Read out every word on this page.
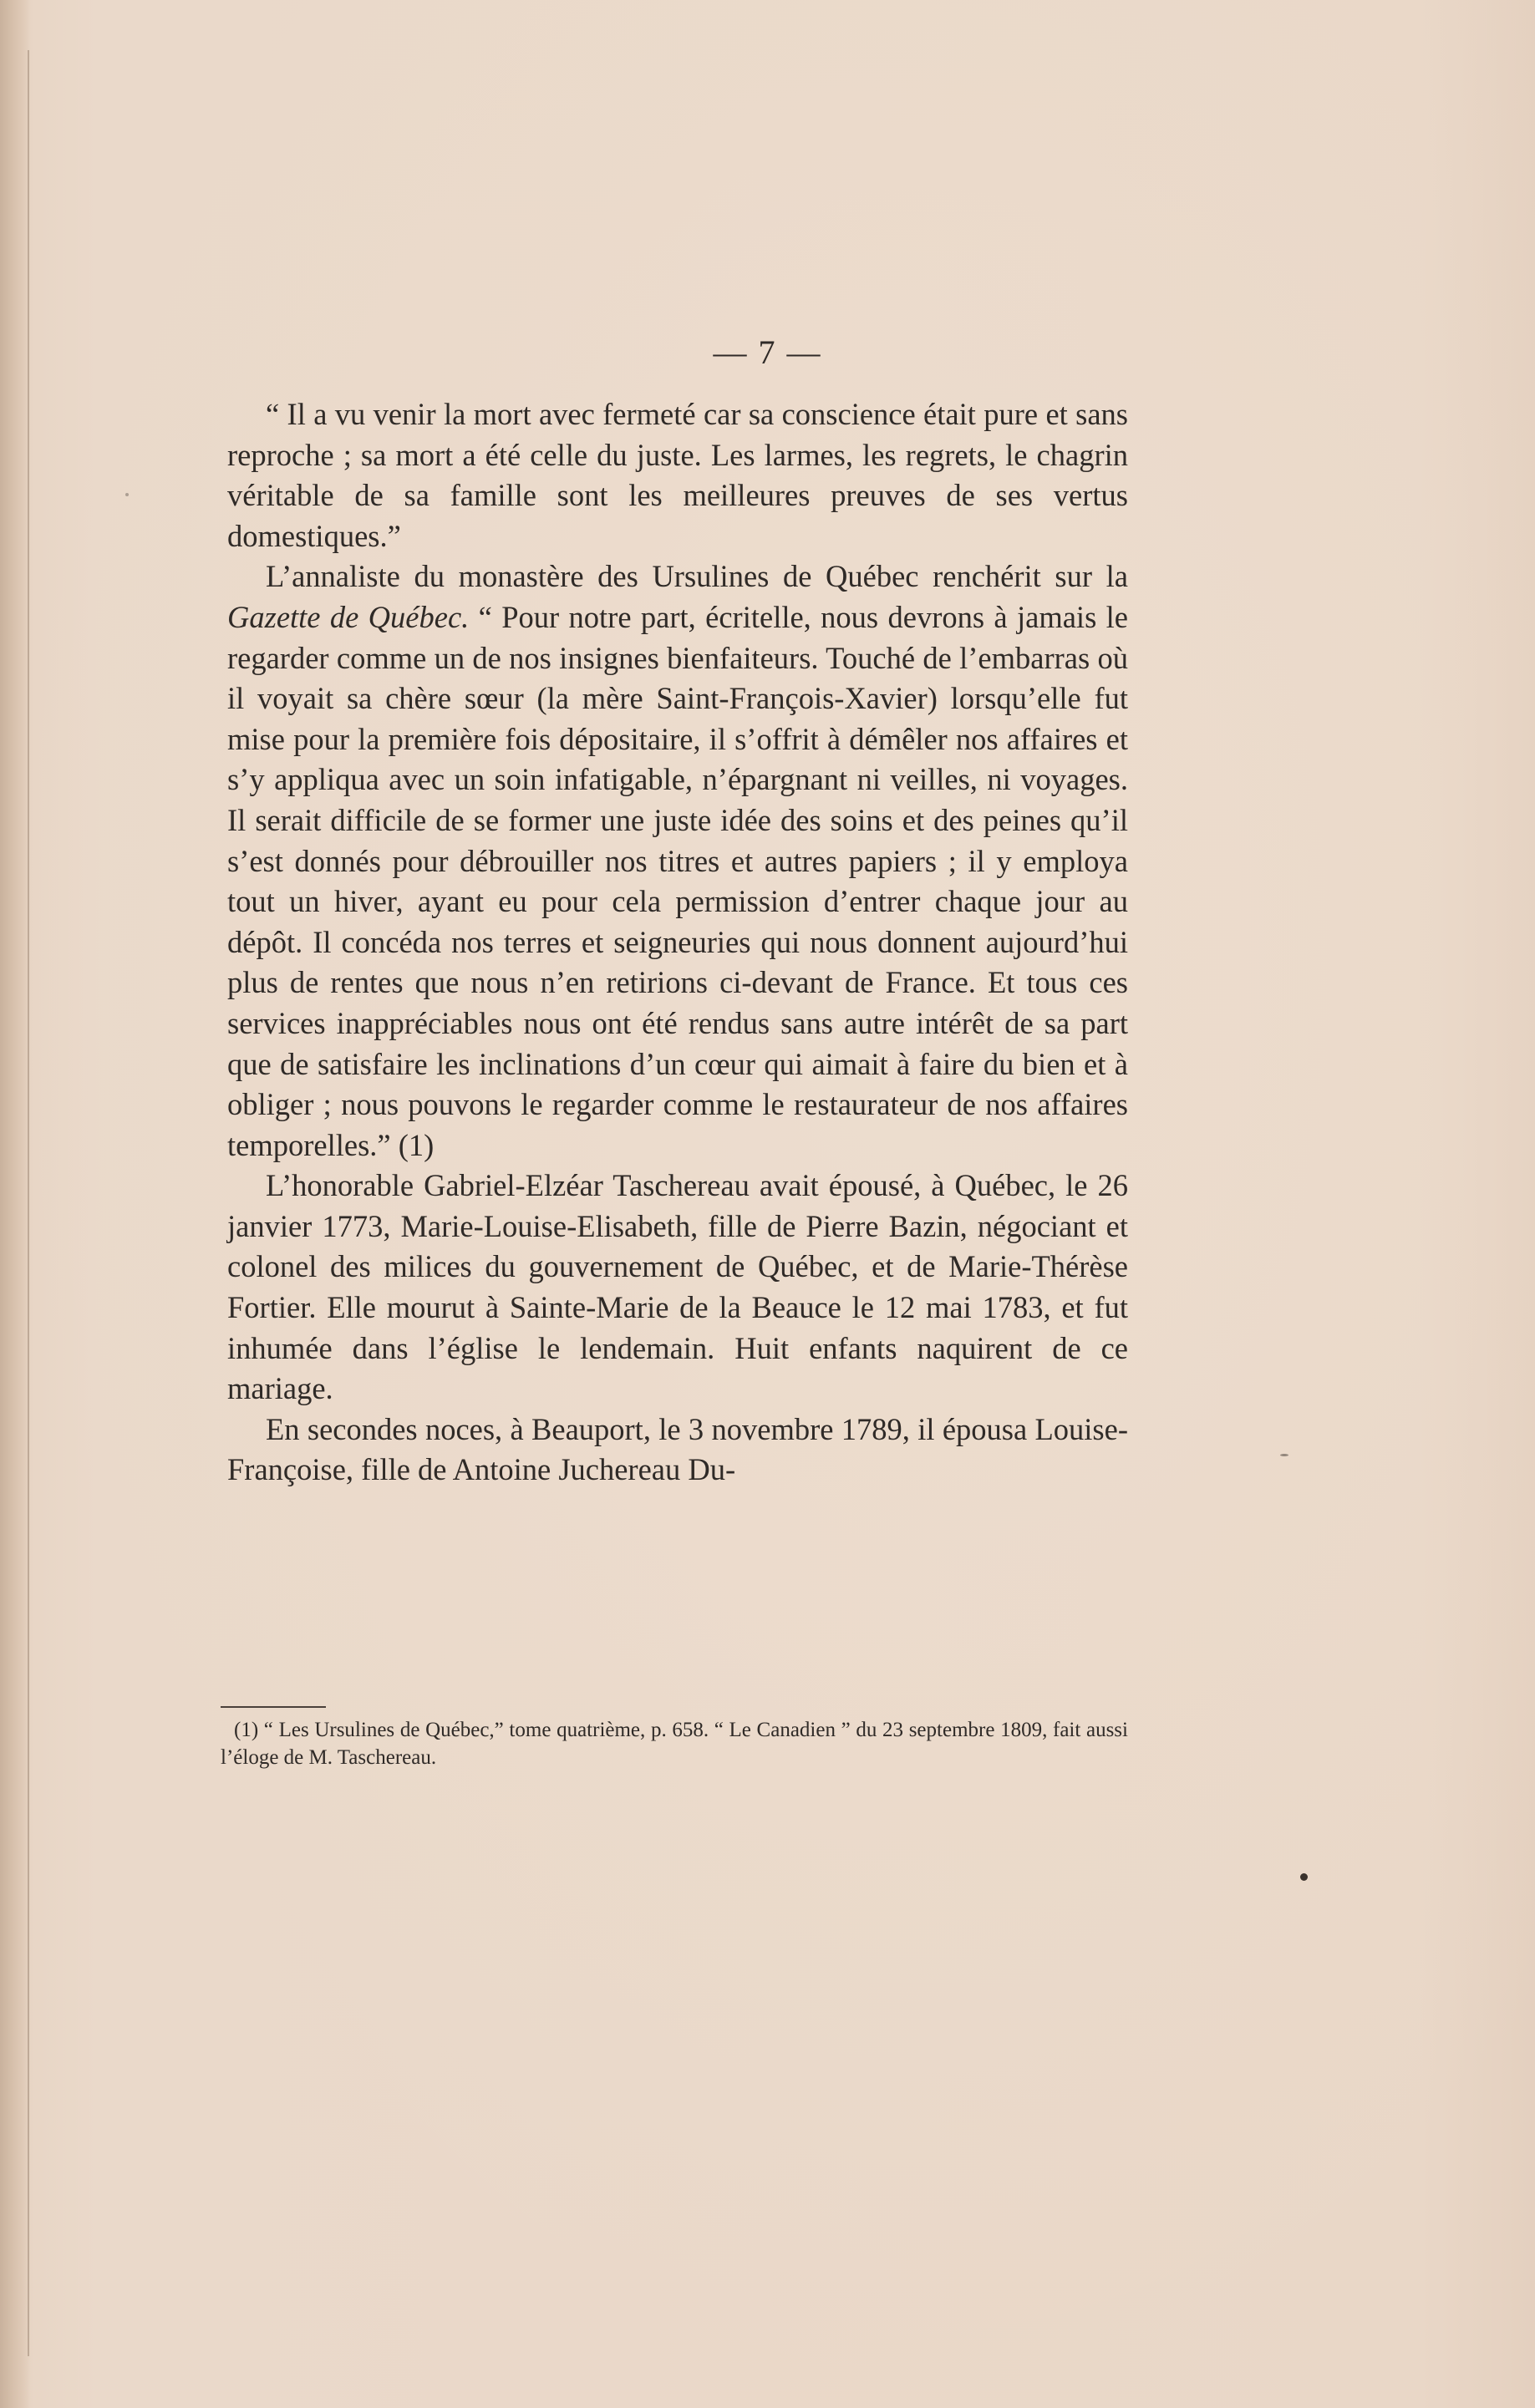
— 7 —

“ Il a vu venir la mort avec fermeté car sa conscience était pure et sans reproche ; sa mort a été celle du juste. Les larmes, les regrets, le chagrin véritable de sa famille sont les meilleures preuves de ses vertus domestiques.”

L’annaliste du monastère des Ursulines de Québec renchérit sur la Gazette de Québec. “ Pour notre part, écritelle, nous devrons à jamais le regarder comme un de nos insignes bienfaiteurs. Touché de l’embarras où il voyait sa chère sœur (la mère Saint-François-Xavier) lorsqu’elle fut mise pour la première fois dépositaire, il s’offrit à démêler nos affaires et s’y appliqua avec un soin infatigable, n’épargnant ni veilles, ni voyages. Il serait difficile de se former une juste idée des soins et des peines qu’il s’est donnés pour débrouiller nos titres et autres papiers ; il y employa tout un hiver, ayant eu pour cela permission d’entrer chaque jour au dépôt. Il concéda nos terres et seigneuries qui nous donnent aujourd’hui plus de rentes que nous n’en retirions ci-devant de France. Et tous ces services inappréciables nous ont été rendus sans autre intérêt de sa part que de satisfaire les inclinations d’un cœur qui aimait à faire du bien et à obliger ; nous pouvons le regarder comme le restaurateur de nos affaires temporelles.” (1)

L’honorable Gabriel-Elzéar Taschereau avait épousé, à Québec, le 26 janvier 1773, Marie-Louise-Elisabeth, fille de Pierre Bazin, négociant et colonel des milices du gouvernement de Québec, et de Marie-Thérèse Fortier. Elle mourut à Sainte-Marie de la Beauce le 12 mai 1783, et fut inhumée dans l’église le lendemain. Huit enfants naquirent de ce mariage.

En secondes noces, à Beauport, le 3 novembre 1789, il épousa Louise-Françoise, fille de Antoine Juchereau Du-

(1) “ Les Ursulines de Québec,” tome quatrième, p. 658. “ Le Canadien ” du 23 septembre 1809, fait aussi l’éloge de M. Taschereau.
